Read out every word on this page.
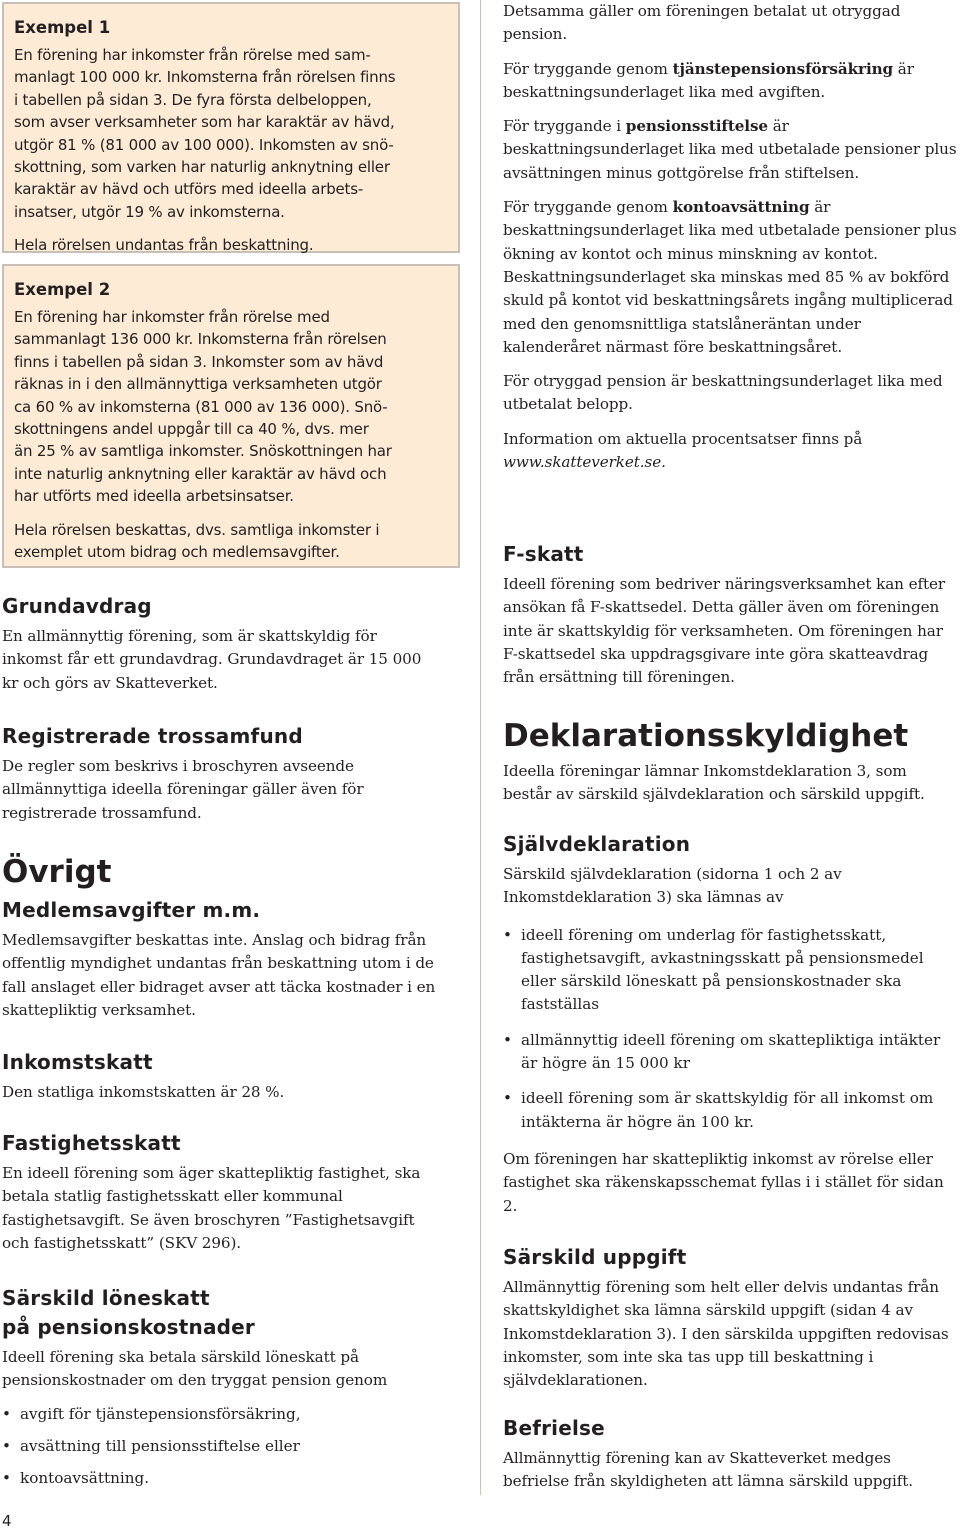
Exempel 1

En förening har inkomster från rörelse med sam-
manlagt 100 000 kr. Inkomsterna från rörelsen finns
i tabellen på sidan 3. De fyra första delbeloppen,
som avser verksamheter som har karaktär av hävd,
utgör 81 % (81 000 av 100 000). Inkomsten av snö-
skottning, som varken har naturlig anknytning eller
karaktär av hävd och utförs med ideella arbets-
insatser, utgör 19 % av inkomsterna.

Hela rörelsen undantas från beskattning.

Exempel 2

En förening har inkomster från rörelse med
sammanlagt 136 000 kr. Inkomsterna från rörelsen
finns i tabellen på sidan 3. Inkomster som av hävd
räknas in i den allmännyttiga verksamheten utgör
ca 60 % av inkomsterna (81 000 av 136 000). Snö-
skottningens andel uppgår till ca 40 %, dvs. mer
än 25 % av samtliga inkomster. Snöskottningen har
inte naturlig anknytning eller karaktär av hävd och
har utförts med ideella arbetsinsatser.

Hela rörelsen beskattas, dvs. samtliga inkomster i
exemplet utom bidrag och medlemsavgifter.

Grundavdrag

En allmännyttig förening, som är skattskyldig för inkomst får ett grundavdrag. Grundavdraget är 15 000 kr och görs av Skatteverket.

Registrerade trossamfund

De regler som beskrivs i broschyren avseende allmännyttiga ideella föreningar gäller även för registrerade trossamfund.

Övrigt
Medlemsavgifter m.m.

Medlemsavgifter beskattas inte. Anslag och bidrag från offentlig myndighet undantas från beskattning utom i de fall anslaget eller bidraget avser att täcka kostnader i en skattepliktig verksamhet.

Inkomstskatt

Den statliga inkomstskatten är 28 %.

Fastighetsskatt

En ideell förening som äger skattepliktig fastighet, ska betala statlig fastighetsskatt eller kommunal fastighetsavgift. Se även broschyren ”Fastighetsavgift och fastighetsskatt” (SKV 296).

Särskild löneskatt
på pensionskostnader

Ideell förening ska betala särskild löneskatt på pensionskostnader om den tryggat pension genom

• avgift för tjänstepensionsförsäkring,
• avsättning till pensionsstiftelse eller
• kontoavsättning.
4

Detsamma gäller om föreningen betalat ut otryggad pension.

För tryggande genom tjänstepensionsförsäkring är beskattningsunderlaget lika med avgiften.

För tryggande i pensionsstiftelse är beskattningsunderlaget lika med utbetalade pensioner plus avsättningen minus gottgörelse från stiftelsen.

För tryggande genom kontoavsättning är beskattningsunderlaget lika med utbetalade pensioner plus ökning av kontot och minus minskning av kontot. Beskattningsunderlaget ska minskas med 85 % av bokförd skuld på kontot vid beskattningsårets ingång multiplicerad med den genomsnittliga statslåneräntan under kalenderåret närmast före beskattningsåret.

För otryggad pension är beskattningsunderlaget lika med utbetalat belopp.

Information om aktuella procentsatser finns på
www.skatteverket.se.

F-skatt

Ideell förening som bedriver näringsverksamhet kan efter ansökan få F-skattsedel. Detta gäller även om föreningen inte är skattskyldig för verksamheten. Om föreningen har F-skattsedel ska uppdragsgivare inte göra skatteavdrag från ersättning till föreningen.

Deklarationsskyldighet

Ideella föreningar lämnar Inkomstdeklaration 3, som består av särskild självdeklaration och särskild uppgift.

Självdeklaration

Särskild självdeklaration (sidorna 1 och 2 av Inkomstdeklaration 3) ska lämnas av

• ideell förening om underlag för fastighetsskatt, fastighetsavgift, avkastningsskatt på pensionsmedel eller särskild löneskatt på pensionskostnader ska fastställas
• allmännyttig ideell förening om skattepliktiga intäkter är högre än 15 000 kr
• ideell förening som är skattskyldig för all inkomst om intäkterna är högre än 100 kr.

Om föreningen har skattepliktig inkomst av rörelse eller fastighet ska räkenskapsschemat fyllas i i stället för sidan 2.

Särskild uppgift

Allmännyttig förening som helt eller delvis undantas från skattskyldighet ska lämna särskild uppgift (sidan 4 av Inkomstdeklaration 3). I den särskilda uppgiften redovisas inkomster, som inte ska tas upp till beskattning i självdeklarationen.

Befrielse

Allmännyttig förening kan av Skatteverket medges befrielse från skyldigheten att lämna särskild uppgift.
